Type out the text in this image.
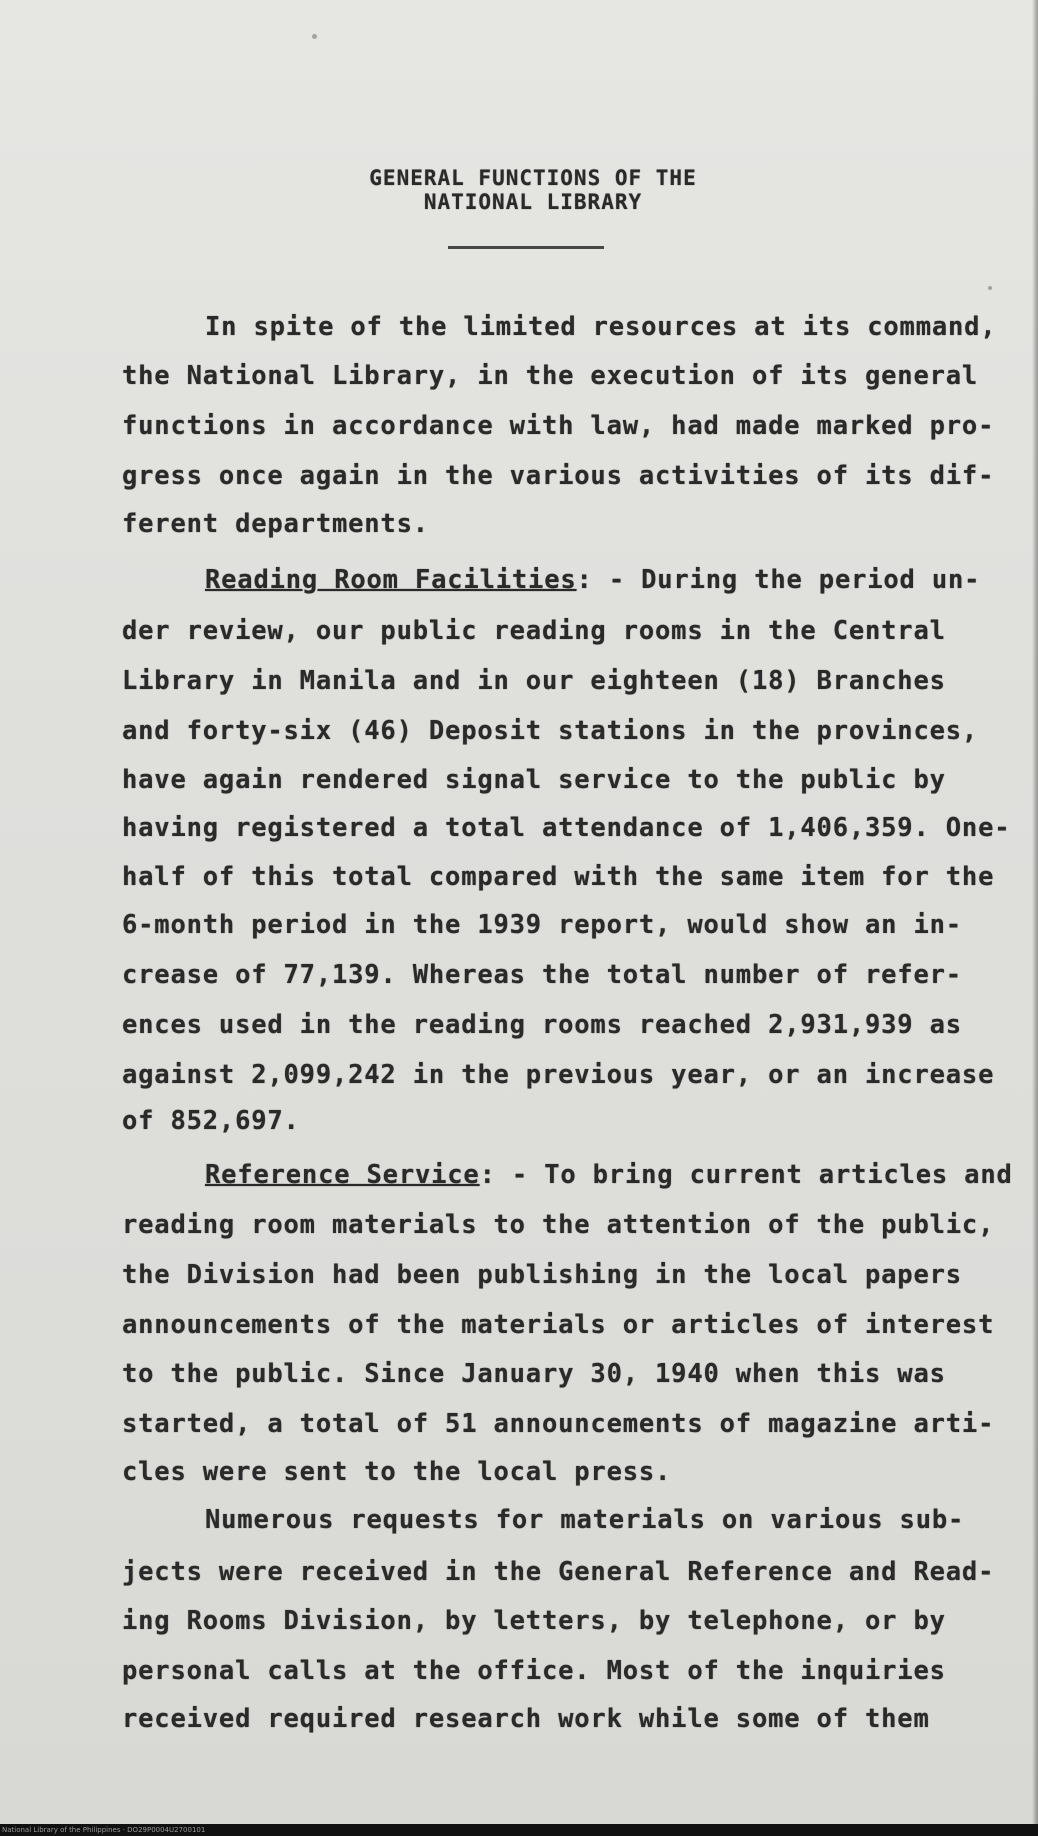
GENERAL FUNCTIONS OF THE
NATIONAL LIBRARY
In spite of the limited resources at its command,
the National Library, in the execution of its general
functions in accordance with law, had made marked pro-
gress once again in the various activities of its dif-
ferent departments.
Reading Room Facilities: - During the period un-
der review, our public reading rooms in the Central
Library in Manila and in our eighteen (18) Branches
and forty-six (46) Deposit stations in the provinces,
have again rendered signal service to the public by
having registered a total attendance of 1,406,359. One-
half of this total compared with the same item for the
6-month period in the 1939 report, would show an in-
crease of 77,139. Whereas the total number of refer-
ences used in the reading rooms reached 2,931,939 as
against 2,099,242 in the previous year, or an increase
of 852,697.
Reference Service: - To bring current articles and
reading room materials to the attention of the public,
the Division had been publishing in the local papers
announcements of the materials or articles of interest
to the public. Since January 30, 1940 when this was
started, a total of 51 announcements of magazine arti-
cles were sent to the local press.
Numerous requests for materials on various sub-
jects were received in the General Reference and Read-
ing Rooms Division, by letters, by telephone, or by
personal calls at the office. Most of the inquiries
received required research work while some of them
National Library of the Philippines · DO29P0004U2700101
